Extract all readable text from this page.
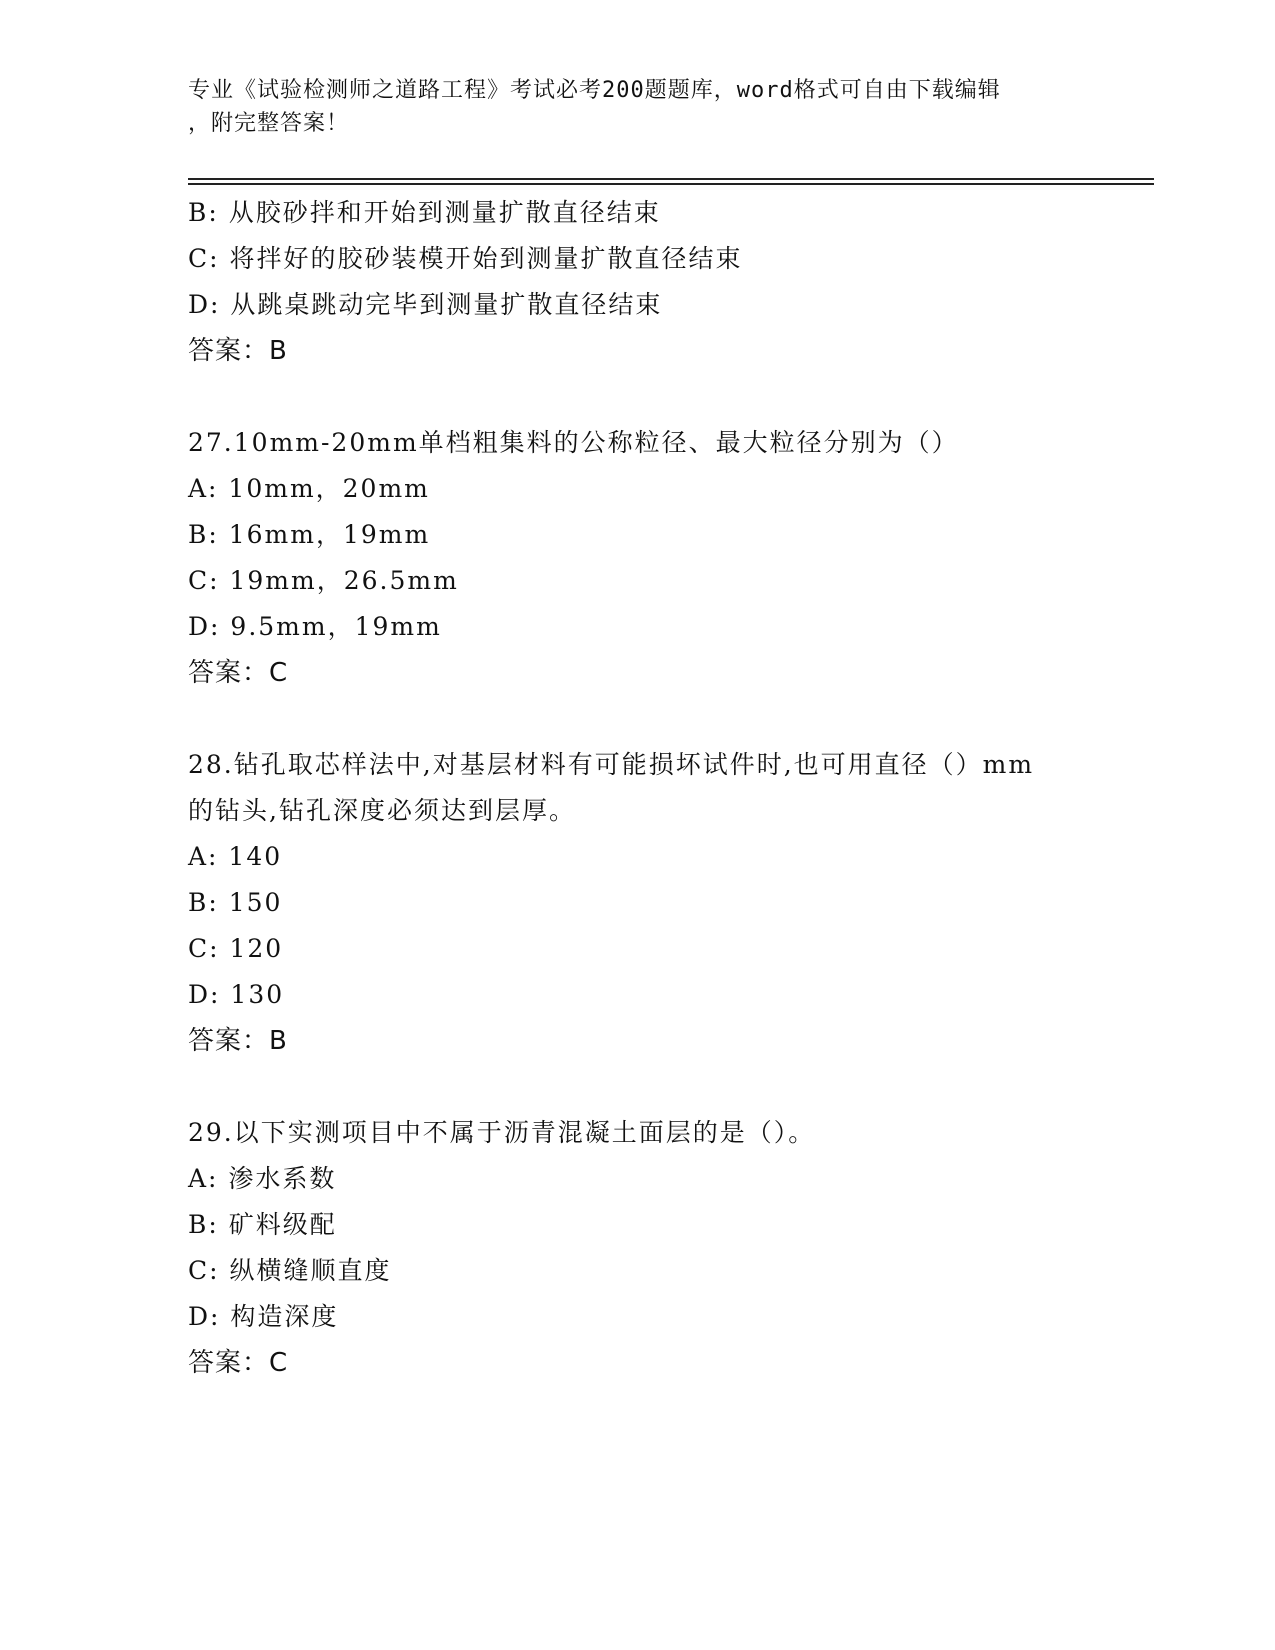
专业《试验检测师之道路工程》考试必考200题题库，word格式可自由下载编辑
，附完整答案！
B: 从胶砂拌和开始到测量扩散直径结束
C: 将拌好的胶砂装模开始到测量扩散直径结束
D: 从跳桌跳动完毕到测量扩散直径结束
答案：B
27.10mm-20mm单档粗集料的公称粒径、最大粒径分别为（）
A: 10mm，20mm
B: 16mm，19mm
C: 19mm，26.5mm
D: 9.5mm，19mm
答案：C
28.钻孔取芯样法中,对基层材料有可能损坏试件时,也可用直径（）mm
的钻头,钻孔深度必须达到层厚。
A: 140
B: 150
C: 120
D: 130
答案：B
29.以下实测项目中不属于沥青混凝土面层的是（）。
A: 渗水系数
B: 矿料级配
C: 纵横缝顺直度
D: 构造深度
答案：C
